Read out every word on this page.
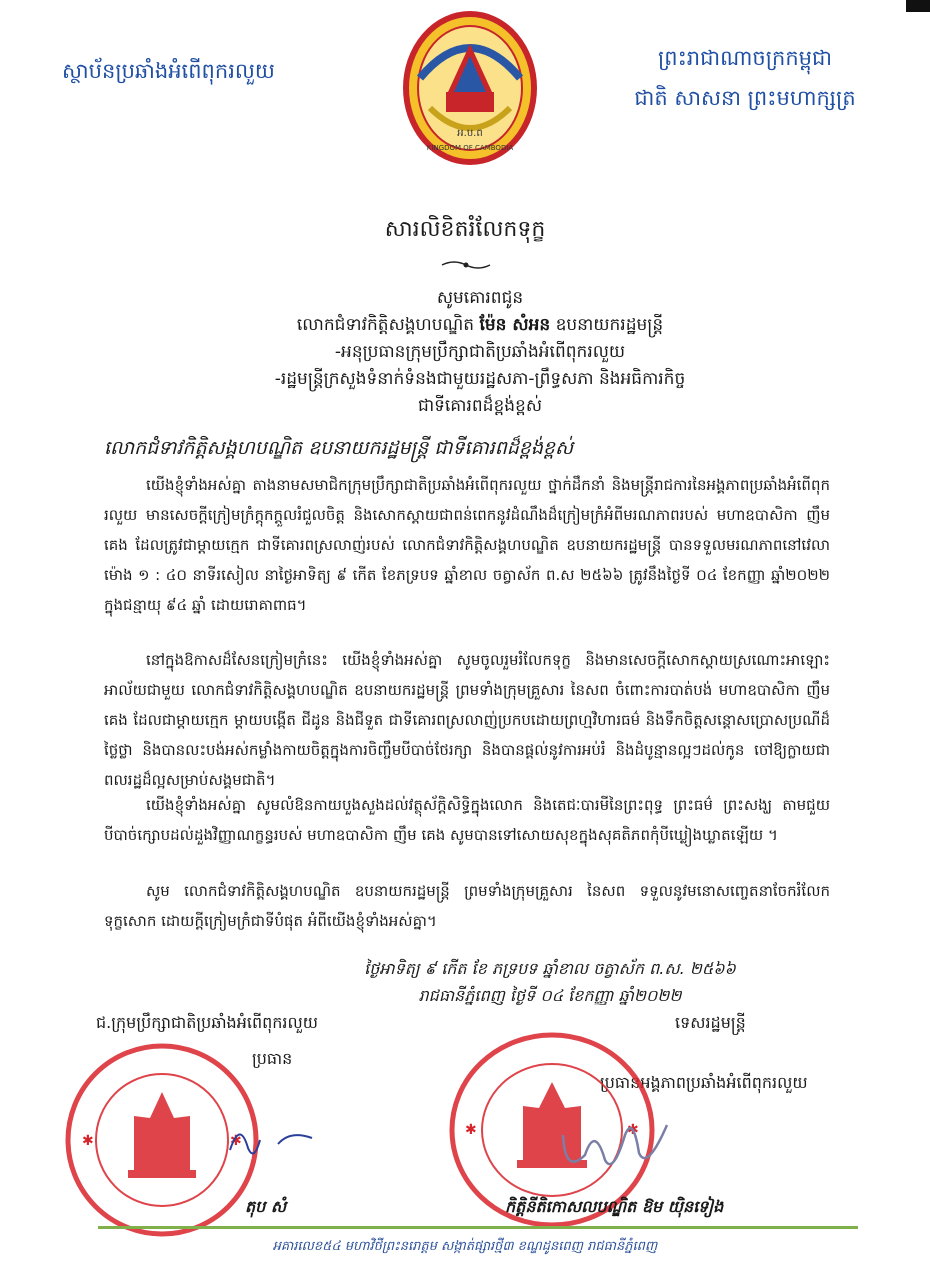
ស្ថាប័នប្រឆាំងអំពើពុករលួយ
អ.ប.ព
KINGDOM OF CAMBODIA
ព្រះរាជាណាចក្រកម្ពុជា
ជាតិ សាសនា ព្រះមហាក្សត្រ
សារលិខិតរំលែកទុក្ខ
សូមគោរពជូន
លោកជំទាវកិត្តិសង្គហបណ្ឌិត ម៉ែន សំអន ឧបនាយករដ្ឋមន្ត្រី
-អនុប្រធានក្រុមប្រឹក្សាជាតិប្រឆាំងអំពើពុករលួយ
-រដ្ឋមន្ត្រីក្រសួងទំនាក់ទំនងជាមួយរដ្ឋសភា-ព្រឹទ្ធសភា និងអធិការកិច្ច
ជាទីគោរពដ៏ខ្ពង់ខ្ពស់
លោកជំទាវកិត្តិសង្គហបណ្ឌិត ឧបនាយករដ្ឋមន្ត្រី ជាទីគោរពដ៏ខ្ពង់ខ្ពស់
យើងខ្ញុំទាំងអស់គ្នា តាងនាមសមាជិកក្រុមប្រឹក្សាជាតិប្រឆាំងអំពើពុករលួយ ថ្នាក់ដឹកនាំ និងមន្ត្រីរាជការនៃអង្គភាពប្រឆាំងអំពើពុករលួយ មានសេចក្តីក្រៀមក្រំក្តុកក្តួលរំជួលចិត្ត និងសោកស្តាយជាពន់ពេកនូវដំណឹងដ៏ក្រៀមក្រំអំពីមរណភាពរបស់ មហាឧបាសិកា ញឹម គេង ដែលត្រូវជាម្តាយក្មេក ជាទីគោរពស្រលាញ់របស់ លោកជំទាវកិត្តិសង្គហបណ្ឌិត ឧបនាយករដ្ឋមន្ត្រី បានទទួលមរណភាពនៅវេលាម៉ោង ១ : ៤០ នាទីរសៀល នាថ្ងៃអាទិត្យ ៩ កើត ខែភទ្របទ ឆ្នាំខាល ចត្វាស័ក ព.ស ២៥៦៦ ត្រូវនឹងថ្ងៃទី ០៤ ខែកញ្ញា ឆ្នាំ២០២២ ក្នុងជន្មាយុ ៩៤ ឆ្នាំ ដោយរោគាពាធ។
នៅក្នុងឱកាសដ៏សែនក្រៀមក្រំនេះ យើងខ្ញុំទាំងអស់គ្នា សូមចូលរួមរំលែកទុក្ខ និងមានសេចក្តីសោកស្តាយស្រណោះអាឡោះអាល័យជាមួយ លោកជំទាវកិត្តិសង្គហបណ្ឌិត ឧបនាយករដ្ឋមន្ត្រី ព្រមទាំងក្រុមគ្រួសារ នៃសព ចំពោះការបាត់បង់ មហាឧបាសិកា ញឹម គេង ដែលជាម្តាយក្មេក ម្តាយបង្កើត ជីដូន និងជីទួត ជាទីគោរពស្រលាញ់ប្រកបដោយព្រហ្មវិហារធម៌ និងទឹកចិត្តសន្តោសប្រោសប្រណីដ៏ថ្លៃថ្លា និងបានលះបង់អស់កម្លាំងកាយចិត្តក្នុងការចិញ្ចឹមបីបាច់ថែរក្សា និងបានផ្តល់នូវការអប់រំ និងដំបូន្មានល្អៗដល់កូន ចៅឱ្យក្លាយជាពលរដ្ឋដ៏ល្អសម្រាប់សង្គមជាតិ។
យើងខ្ញុំទាំងអស់គ្នា សូមលំឱនកាយបួងសួងដល់វត្ថុស័ក្តិសិទ្ធិក្នុងលោក និងតេជៈបារមីនៃព្រះពុទ្ធ ព្រះធម៌ ព្រះសង្ឃ តាមជួយបីបាច់ក្សោបដល់ដួងវិញ្ញាណក្ខន្ធរបស់ មហាឧបាសិកា ញឹម គេង សូមបានទៅសោយសុខក្នុងសុគតិភពកុំបីឃ្លៀងឃ្លាតឡើយ ។
សូម លោកជំទាវកិត្តិសង្គហបណ្ឌិត ឧបនាយករដ្ឋមន្ត្រី ព្រមទាំងក្រុមគ្រួសារ នៃសព ទទួលនូវមនោសញ្ចេតនាចែករំលែកទុក្ខសោក ដោយក្តីក្រៀមក្រំជាទីបំផុត អំពីយើងខ្ញុំទាំងអស់គ្នា។
ថ្ងៃអាទិត្យ ៩ កើត ខែ ភទ្របទ ឆ្នាំខាល ចត្វាស័ក ព.ស. ២៥៦៦
រាជធានីភ្នំពេញ ថ្ងៃទី ០៤ ខែកញ្ញា ឆ្នាំ២០២២
ជ.ក្រុមប្រឹក្សាជាតិប្រឆាំងអំពើពុករលួយ
ប្រធាន
ទេសរដ្ឋមន្ត្រី
ប្រធានអង្គភាពប្រឆាំងអំពើពុករលួយ
✱	✱
✱	✱
តុប សំ	កិត្តិនីតិកោសលបណ្ឌិត ឱម យ៉ិនទៀង
អគារលេខ៥៤ មហាវិថីព្រះនរោត្តម សង្កាត់ផ្សារថ្មី៣ ខណ្ឌដូនពេញ រាជធានីភ្នំពេញ
